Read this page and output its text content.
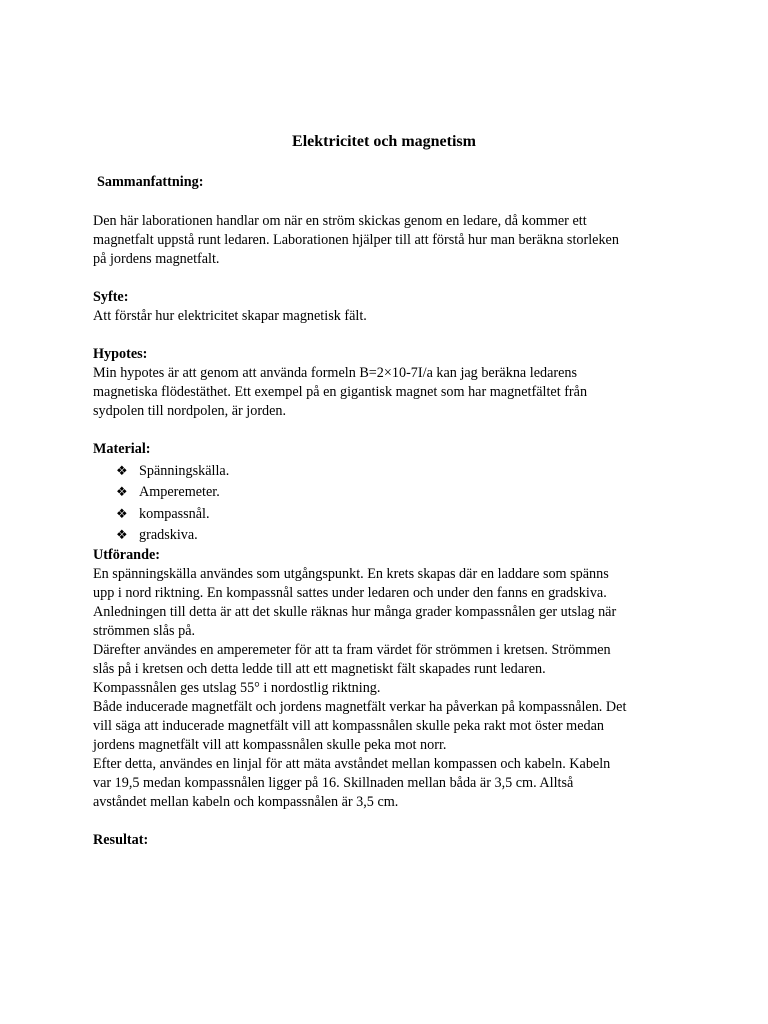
Elektricitet och magnetism
Sammanfattning:

Den här laborationen handlar om när en ström skickas genom en ledare, då kommer ett

magnetfalt uppstå runt ledaren. Laborationen hjälper till att förstå hur man beräkna storleken

på jordens magnetfalt.

Syfte:

Att förstår hur elektricitet skapar magnetisk fält.

Hypotes:

Min hypotes är att genom att använda formeln B=2×10-7I/a kan jag beräkna ledarens

magnetiska flödestäthet. Ett exempel på en gigantisk magnet som har magnetfältet från

sydpolen till nordpolen, är jorden.

Material:
❖ Spänningskälla.
❖ Amperemeter.
❖ kompassnål.
❖ gradskiva.
Utförande:

En spänningskälla användes som utgångspunkt. En krets skapas där en laddare som spänns

upp i nord riktning. En kompassnål sattes under ledaren och under den fanns en gradskiva.

Anledningen till detta är att det skulle räknas hur många grader kompassnålen ger utslag när

strömmen slås på.

Därefter användes en amperemeter för att ta fram värdet för strömmen i kretsen. Strömmen

slås på i kretsen och detta ledde till att ett magnetiskt fält skapades runt ledaren.

Kompassnålen ges utslag 55° i nordostlig riktning.

Både inducerade magnetfält och jordens magnetfält verkar ha påverkan på kompassnålen. Det

vill säga att inducerade magnetfält vill att kompassnålen skulle peka rakt mot öster medan

jordens magnetfält vill att kompassnålen skulle peka mot norr.

Efter detta, användes en linjal för att mäta avståndet mellan kompassen och kabeln. Kabeln

var 19,5 medan kompassnålen ligger på 16. Skillnaden mellan båda är 3,5 cm. Alltså

avståndet mellan kabeln och kompassnålen är 3,5 cm.

Resultat:
